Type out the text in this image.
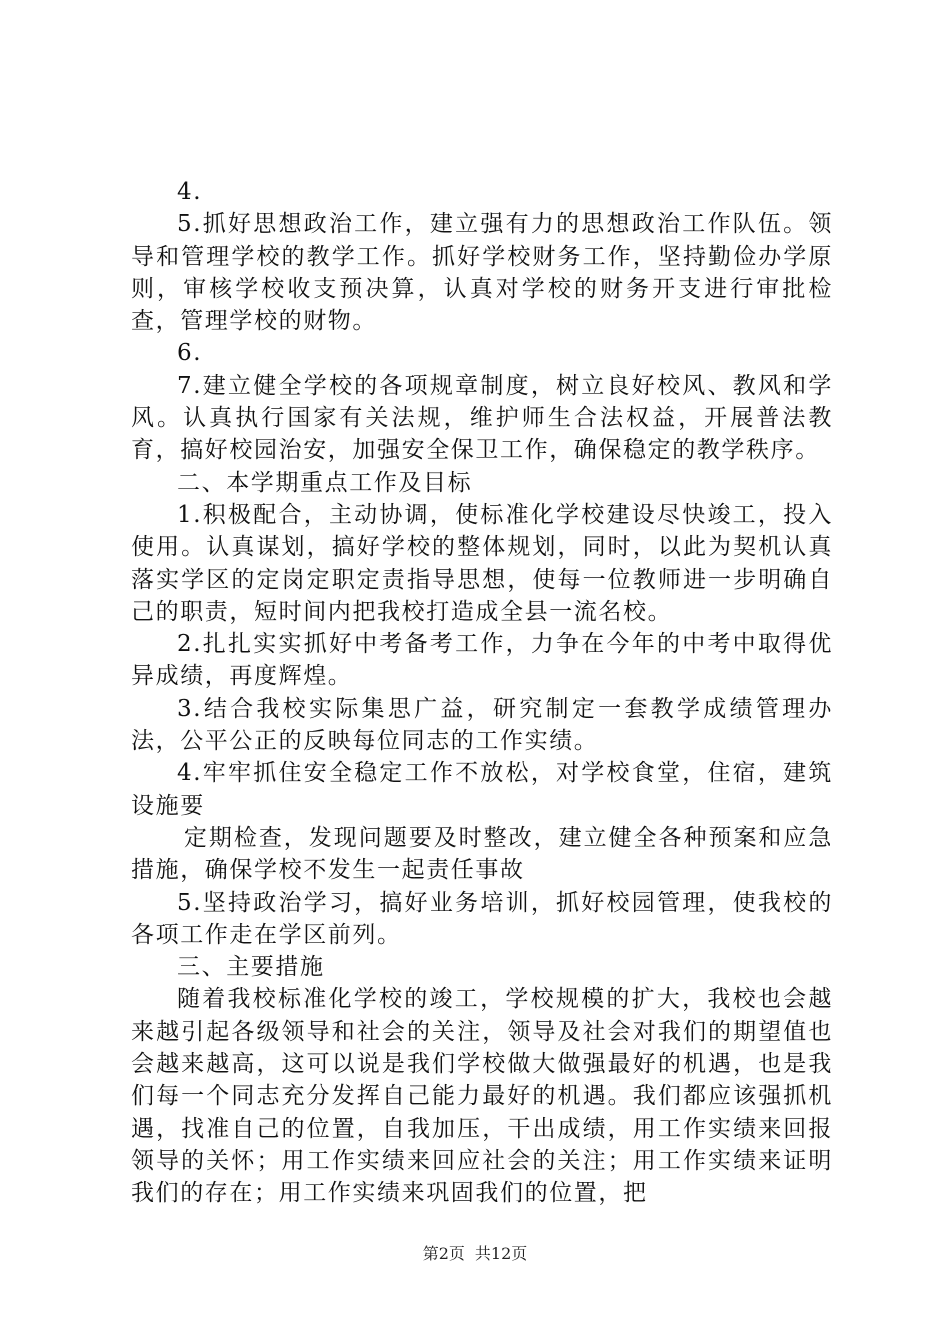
4.

5.抓好思想政治工作，建立强有力的思想政治工作队伍。领导和管理学校的教学工作。抓好学校财务工作，坚持勤俭办学原则，审核学校收支预决算，认真对学校的财务开支进行审批检查，管理学校的财物。

6.

7.建立健全学校的各项规章制度，树立良好校风、教风和学风。认真执行国家有关法规，维护师生合法权益，开展普法教育，搞好校园治安，加强安全保卫工作，确保稳定的教学秩序。

二、本学期重点工作及目标

1.积极配合，主动协调，使标准化学校建设尽快竣工，投入使用。认真谋划，搞好学校的整体规划，同时，以此为契机认真落实学区的定岗定职定责指导思想，使每一位教师进一步明确自己的职责，短时间内把我校打造成全县一流名校。

2.扎扎实实抓好中考备考工作，力争在今年的中考中取得优异成绩，再度辉煌。

3.结合我校实际集思广益，研究制定一套教学成绩管理办法，公平公正的反映每位同志的工作实绩。

4.牢牢抓住安全稳定工作不放松，对学校食堂，住宿，建筑设施要

定期检查，发现问题要及时整改，建立健全各种预案和应急措施，确保学校不发生一起责任事故

5.坚持政治学习，搞好业务培训，抓好校园管理，使我校的各项工作走在学区前列。

三、主要措施

随着我校标准化学校的竣工，学校规模的扩大，我校也会越来越引起各级领导和社会的关注，领导及社会对我们的期望值也会越来越高，这可以说是我们学校做大做强最好的机遇，也是我们每一个同志充分发挥自己能力最好的机遇。我们都应该强抓机遇，找准自己的位置，自我加压，干出成绩，用工作实绩来回报领导的关怀；用工作实绩来回应社会的关注；用工作实绩来证明我们的存在；用工作实绩来巩固我们的位置，把

第2页 共12页
